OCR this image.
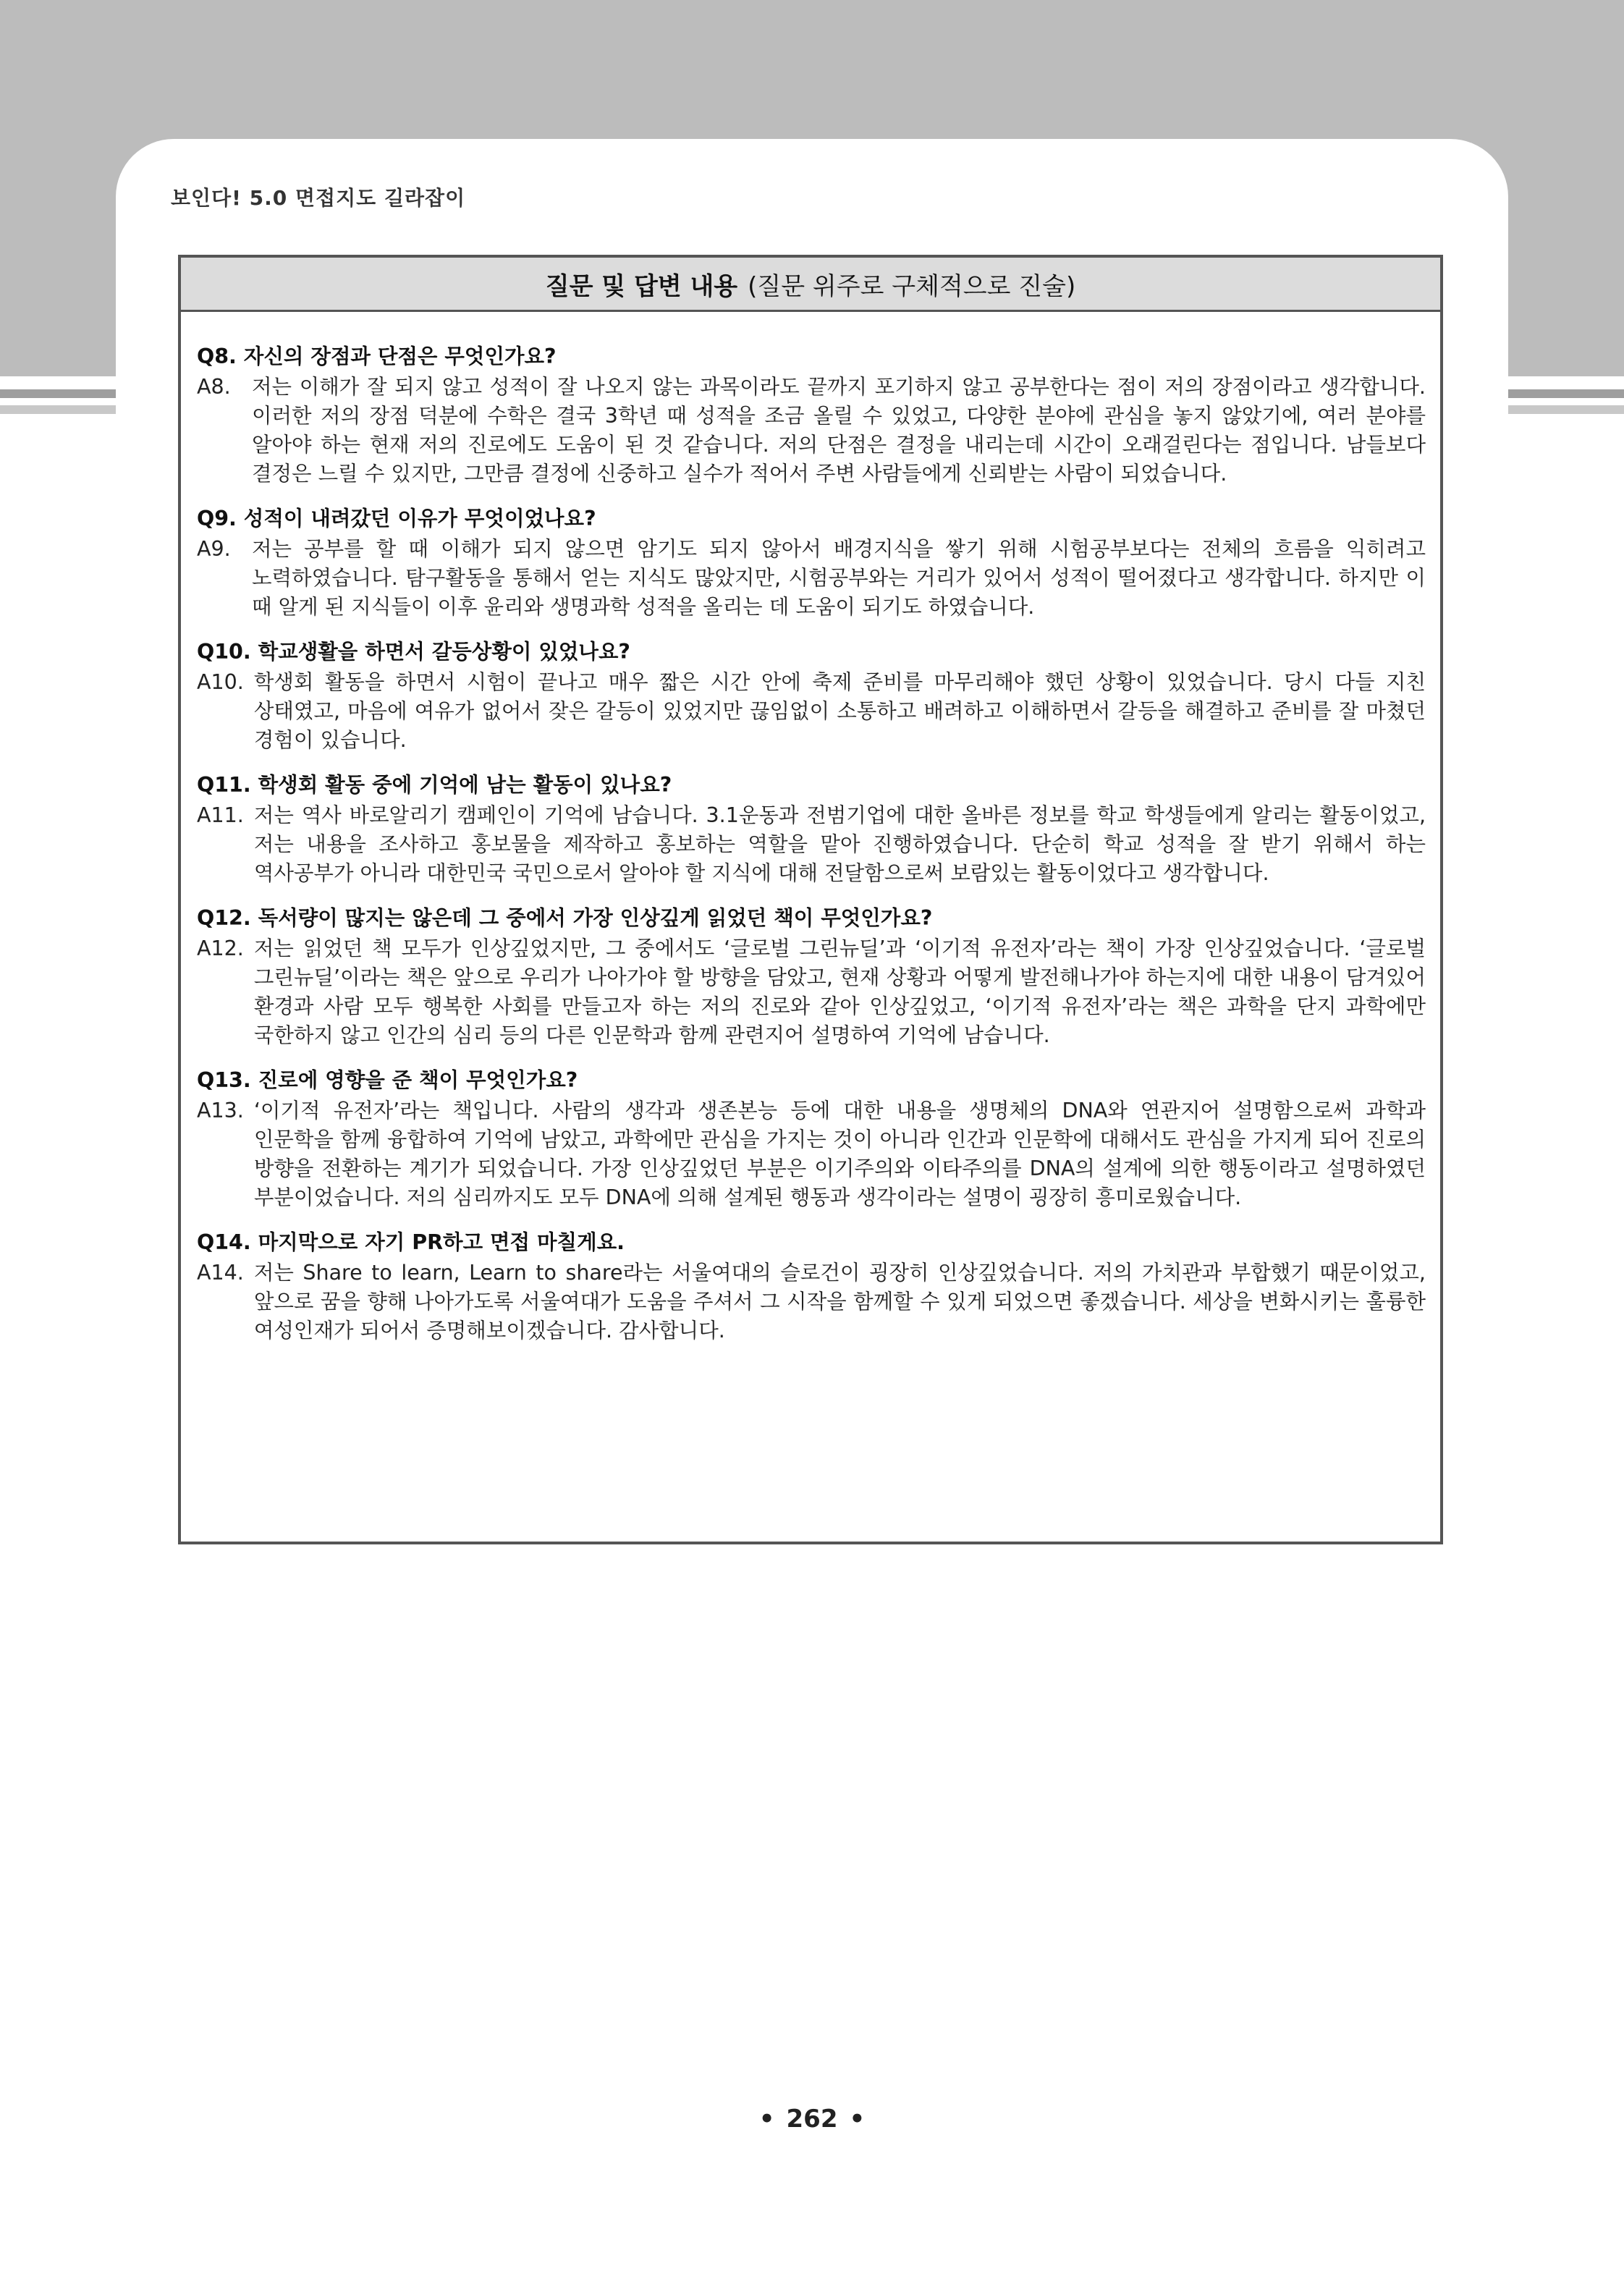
보인다! 5.0 면접지도 길라잡이
질문 및 답변 내용 (질문 위주로 구체적으로 진술)
Q8. 자신의 장점과 단점은 무엇인가요?
A8.	저는 이해가 잘 되지 않고 성적이 잘 나오지 않는 과목이라도 끝까지 포기하지 않고 공부한다는 점이 저의 장점이라고 생각합니다. 이러한 저의 장점 덕분에 수학은 결국 3학년 때 성적을 조금 올릴 수 있었고, 다양한 분야에 관심을 놓지 않았기에, 여러 분야를 알아야 하는 현재 저의 진로에도 도움이 된 것 같습니다. 저의 단점은 결정을 내리는데 시간이 오래걸린다는 점입니다. 남들보다 결정은 느릴 수 있지만, 그만큼 결정에 신중하고 실수가 적어서 주변 사람들에게 신뢰받는 사람이 되었습니다.
Q9. 성적이 내려갔던 이유가 무엇이었나요?
A9.	저는 공부를 할 때 이해가 되지 않으면 암기도 되지 않아서 배경지식을 쌓기 위해 시험공부보다는 전체의 흐름을 익히려고 노력하였습니다. 탐구활동을 통해서 얻는 지식도 많았지만, 시험공부와는 거리가 있어서 성적이 떨어졌다고 생각합니다. 하지만 이 때 알게 된 지식들이 이후 윤리와 생명과학 성적을 올리는 데 도움이 되기도 하였습니다.
Q10. 학교생활을 하면서 갈등상황이 있었나요?
A10. 학생회 활동을 하면서 시험이 끝나고 매우 짧은 시간 안에 축제 준비를 마무리해야 했던 상황이 있었습니다. 당시 다들 지친 상태였고, 마음에 여유가 없어서 잦은 갈등이 있었지만 끊임없이 소통하고 배려하고 이해하면서 갈등을 해결하고 준비를 잘 마쳤던 경험이 있습니다.
Q11. 학생회 활동 중에 기억에 남는 활동이 있나요?
A11. 저는 역사 바로알리기 캠페인이 기억에 남습니다. 3.1운동과 전범기업에 대한 올바른 정보를 학교 학생들에게 알리는 활동이었고, 저는 내용을 조사하고 홍보물을 제작하고 홍보하는 역할을 맡아 진행하였습니다. 단순히 학교 성적을 잘 받기 위해서 하는 역사공부가 아니라 대한민국 국민으로서 알아야 할 지식에 대해 전달함으로써 보람있는 활동이었다고 생각합니다.
Q12. 독서량이 많지는 않은데 그 중에서 가장 인상깊게 읽었던 책이 무엇인가요?
A12. 저는 읽었던 책 모두가 인상깊었지만, 그 중에서도 ‘글로벌 그린뉴딜’과 ‘이기적 유전자’라는 책이 가장 인상깊었습니다. ‘글로벌 그린뉴딜’이라는 책은 앞으로 우리가 나아가야 할 방향을 담았고, 현재 상황과 어떻게 발전해나가야 하는지에 대한 내용이 담겨있어 환경과 사람 모두 행복한 사회를 만들고자 하는 저의 진로와 같아 인상깊었고, ‘이기적 유전자’라는 책은 과학을 단지 과학에만 국한하지 않고 인간의 심리 등의 다른 인문학과 함께 관련지어 설명하여 기억에 남습니다.
Q13. 진로에 영향을 준 책이 무엇인가요?
A13. ‘이기적 유전자’라는 책입니다. 사람의 생각과 생존본능 등에 대한 내용을 생명체의 DNA와 연관지어 설명함으로써 과학과 인문학을 함께 융합하여 기억에 남았고, 과학에만 관심을 가지는 것이 아니라 인간과 인문학에 대해서도 관심을 가지게 되어 진로의 방향을 전환하는 계기가 되었습니다. 가장 인상깊었던 부분은 이기주의와 이타주의를 DNA의 설계에 의한 행동이라고 설명하였던 부분이었습니다. 저의 심리까지도 모두 DNA에 의해 설계된 행동과 생각이라는 설명이 굉장히 흥미로웠습니다.
Q14. 마지막으로 자기 PR하고 면접 마칠게요.
A14. 저는 Share to learn, Learn to share라는 서울여대의 슬로건이 굉장히 인상깊었습니다. 저의 가치관과 부합했기 때문이었고, 앞으로 꿈을 향해 나아가도록 서울여대가 도움을 주셔서 그 시작을 함께할 수 있게 되었으면 좋겠습니다. 세상을 변화시키는 훌륭한 여성인재가 되어서 증명해보이겠습니다. 감사합니다.
• 262 •
